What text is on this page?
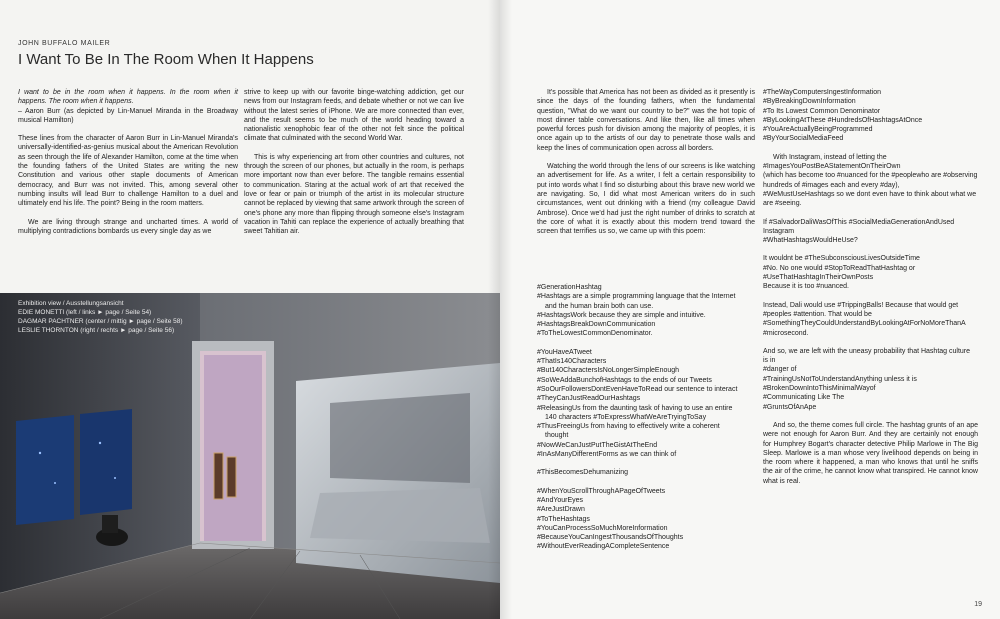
JOHN BUFFALO MAILER
I Want To Be In The Room When It Happens

I want to be in the room when it happens. In the room when it happens. The room when it happens.

– Aaron Burr (as depicted by Lin-Manuel Miranda in the Broadway musical Hamilton)

These lines from the character of Aaron Burr in Lin-Manuel Miranda's universally-identified-as-genius musical about the American Revolution as seen through the life of Alexander Hamilton, come at the time when the founding fathers of the United States are writing the new Constitution and various other staple documents of American democracy, and Burr was not invited. This, among several other numbing insults will lead Burr to challenge Hamilton to a duel and ultimately end his life. The point? Being in the room matters.

We are living through strange and uncharted times. A world of multiplying contradictions bombards us every single day as we

strive to keep up with our favorite binge-watching addiction, get our news from our Instagram feeds, and debate whether or not we can live without the latest series of iPhone. We are more connected than ever, and the result seems to be much of the world heading toward a nationalistic xenophobic fear of the other not felt since the political climate that culminated with the second World War.

This is why experiencing art from other countries and cultures, not through the screen of our phones, but actually in the room, is perhaps more important now than ever before. The tangible remains essential to communication. Staring at the actual work of art that received the love or fear or pain or triumph of the artist in its molecular structure cannot be replaced by viewing that same artwork through the screen of one's phone any more than flipping through someone else's Instagram vacation in Tahiti can replace the experience of actually breathing that sweet Tahitian air.

Exhibition view / Ausstellungsansicht
EDIE MONETTI (left / links ► page / Seite 54)
DAGMAR PACHTNER (center / mittig ► page / Seite 58)
LESLIE THORNTON (right / rechts ► page / Seite 56)

It's possible that America has not been as divided as it presently is since the days of the founding fathers, when the fundamental question, "What do we want our country to be?" was the hot topic of most dinner table conversations. And like then, like all times when powerful forces push for division among the majority of peoples, it is once again up to the artists of our day to penetrate those walls and keep the lines of communication open across all borders.

Watching the world through the lens of our screens is like watching an advertisement for life. As a writer, I felt a certain responsibility to put into words what I find so disturbing about this brave new world we are navigating. So, I did what most American writers do in such circumstances, went out drinking with a friend (my colleague David Ambrose). Once we'd had just the right number of drinks to scratch at the core of what it is exactly about this modern trend toward the screen that terrifies us so, we came up with this poem:

#GenerationHashtag
#Hashtags are a simple programming language that the Internet
and the human brain both can use.
#HashtagsWork because they are simple and intuitive.
#HashtagsBreakDownCommunication
#ToTheLowestCommonDenominator.
#YouHaveATweet
#ThatIs140Characters
#But140CharactersIsNoLongerSimpleEnough
#SoWeAddaBunchofHashtags to the ends of our Tweets
#SoOurFollowersDontEvenHaveToRead our sentence to interact
#TheyCanJustReadOurHashtags
#ReleasingUs from the daunting task of having to use an entire
140 characters #ToExpressWhatWeAreTryingToSay
#ThusFreeingUs from having to effectively write a coherent
thought
#NowWeCanJustPutTheGistAtTheEnd
#InAsManyDifferentForms as we can think of
#ThisBecomesDehumanizing
#WhenYouScrollThroughAPageOfTweets
#AndYourEyes
#AreJustDrawn
#ToTheHashtags
#YouCanProcessSoMuchMoreInformation
#BecauseYouCanIngestThousandsOfThoughts
#WithoutEverReadingACompleteSentence
#TheWayComputersIngestInformation
#ByBreakingDownInformation
#To Its Lowest Common Denominator
#ByLookingAtThese #HundredsOfHashtagsAtOnce
#YouAreActuallyBeingProgrammed
#ByYourSocialMediaFeed
With Instagram, instead of letting the #ImagesYouPostBeAStatementOnTheirOwn
(which has become too #nuanced for the #peoplewho are #observing hundreds of #images each and every #day),
#WeMustUseHashtags so we dont even have to think about what we are #seeing.
If #SalvadorDaliWasOfThis #SocialMediaGenerationAndUsed Instagram
#WhatHashtagsWouldHeUse?
It wouldnt be #TheSubconsciousLivesOutsideTime
#No. No one would #StopToReadThatHashtag or #UseThatHashtagInTheirOwnPosts
Because it is too #nuanced.
Instead, Dali would use #TrippingBalls! Because that would get #peoples #attention. That would be #SomethingTheyCouldUnderstandByLookingAtForNoMoreThanA #microsecond.
And so, we are left with the uneasy probability that Hashtag culture
is in
#danger of
#TrainingUsNotToUnderstandAnything unless it is
#BrokenDownIntoThisMinimalWayof
#Communicating Like The
#GruntsOfAnApe
And so, the theme comes full circle. The hashtag grunts of an ape were not enough for Aaron Burr. And they are certainly not enough for Humphrey Bogart's character detective Philip Marlowe in The Big Sleep. Marlowe is a man whose very livelihood depends on being in the room where it happened, a man who knows that until he sniffs the air of the crime, he cannot know what transpired. He cannot know what is real.
19
